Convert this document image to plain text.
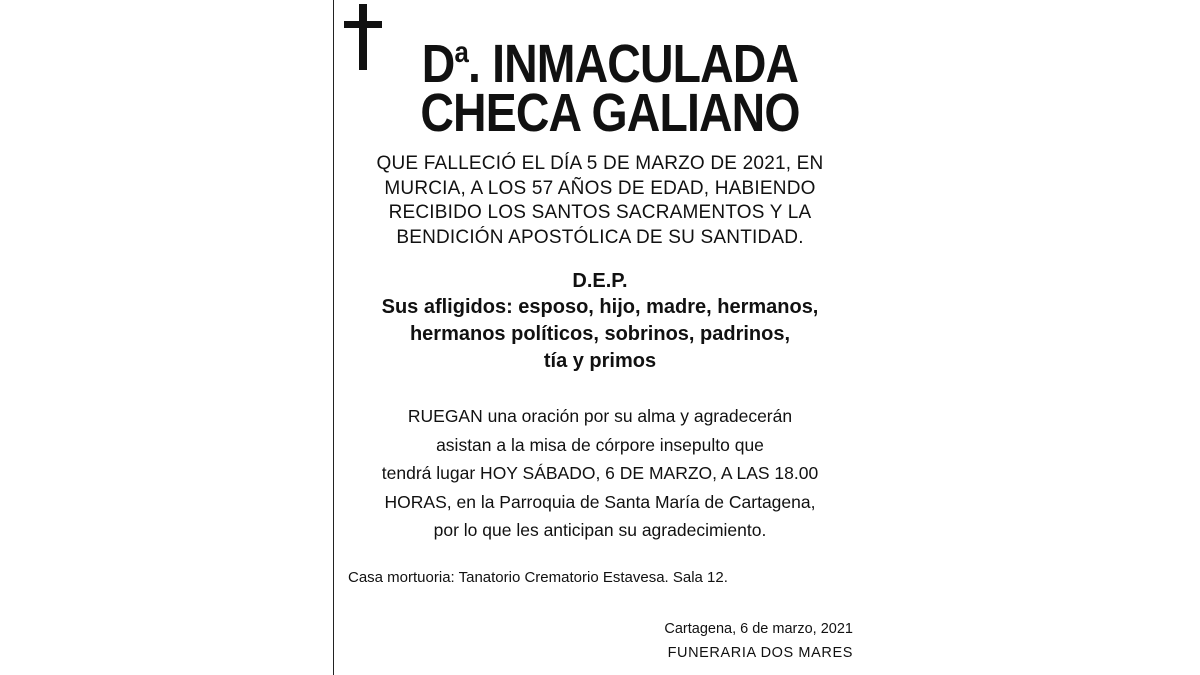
$D^a$. INMACULADA
CHECA GALIANO
QUE FALLECIÓ EL DÍA 5 DE MARZO DE 2021, EN
MURCIA, A LOS 57 AÑOS DE EDAD, HABIENDO
RECIBIDO LOS SANTOS SACRAMENTOS Y LA
BENDICIÓN APOSTÓLICA DE SU SANTIDAD.
D.E.P.
Sus afligidos: esposo, hijo, madre, hermanos,
hermanos políticos, sobrinos, padrinos,
tía y primos
RUEGAN una oración por su alma y agradecerán
asistan a la misa de córpore insepulto que
tendrá lugar HOY SÁBADO, 6 DE MARZO, A LAS 18.00
HORAS, en la Parroquia de Santa María de Cartagena,
por lo que les anticipan su agradecimiento.
Casa mortuoria: Tanatorio Crematorio Estavesa. Sala 12.
Cartagena, 6 de marzo, 2021
FUNERARIA DOS MARES
